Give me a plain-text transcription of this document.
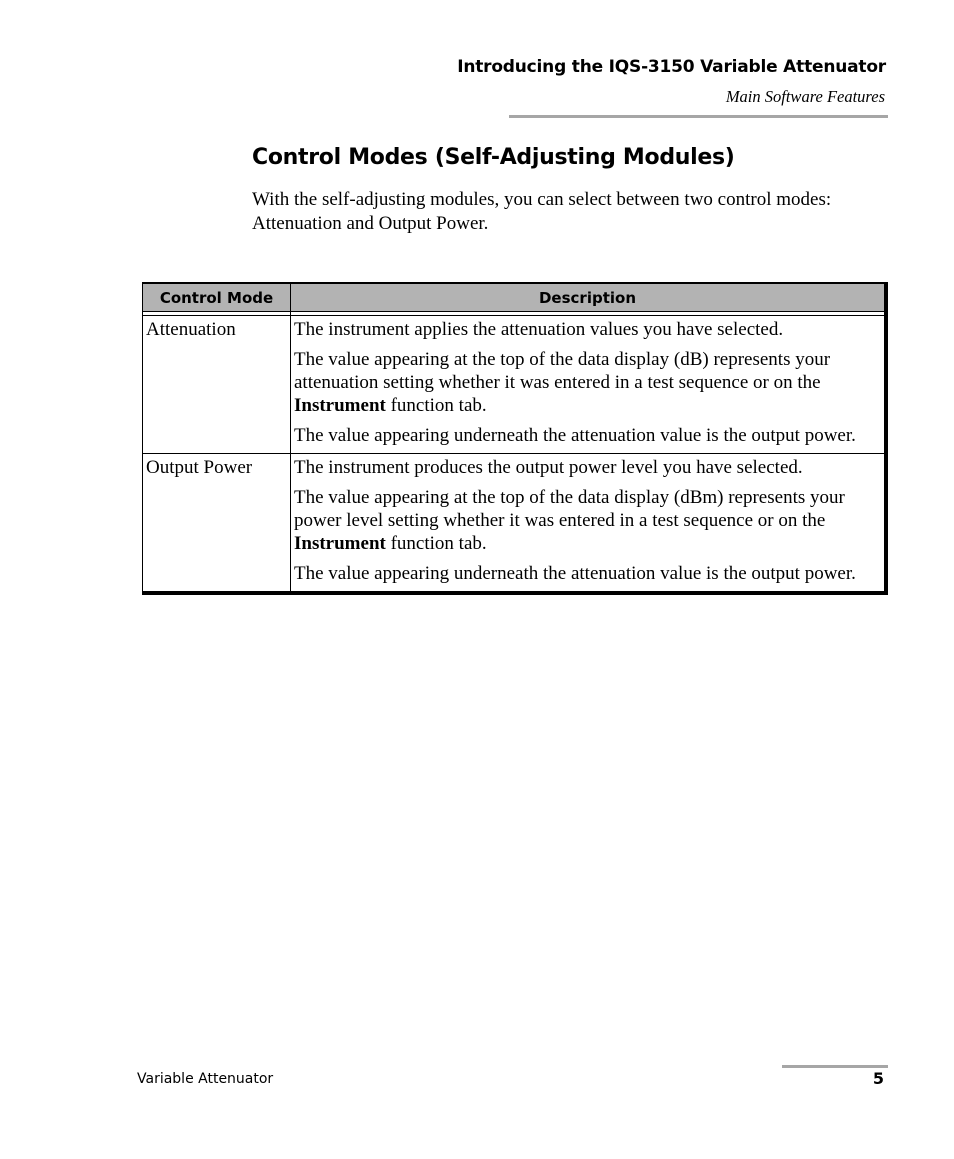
Introducing the IQS-3150 Variable Attenuator
Main Software Features
Control Modes (Self-Adjusting Modules)
With the self-adjusting modules, you can select between two control modes: Attenuation and Output Power.
Control Mode	Description

Attenuation	The instrument applies the attenuation values you have selected.

The value appearing at the top of the data display (dB) represents your attenuation setting whether it was entered in a test sequence or on the Instrument function tab.

The value appearing underneath the attenuation value is the output power.

Output Power	The instrument produces the output power level you have selected.

The value appearing at the top of the data display (dBm) represents your power level setting whether it was entered in a test sequence or on the Instrument function tab.

The value appearing underneath the attenuation value is the output power.

Variable Attenuator	5
